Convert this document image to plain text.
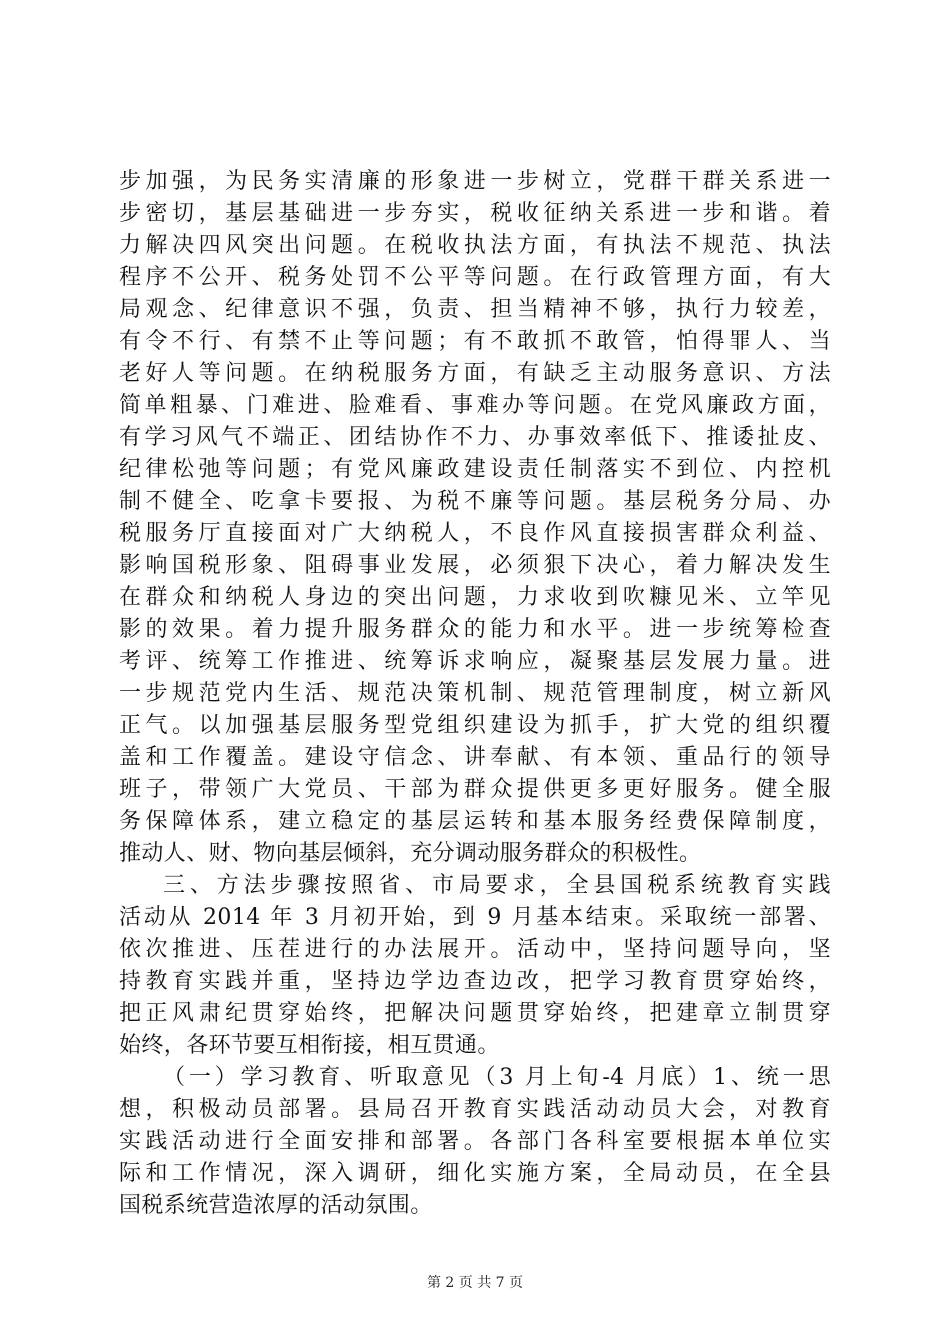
步加强，为民务实清廉的形象进一步树立，党群干群关系进一
步密切，基层基础进一步夯实，税收征纳关系进一步和谐。着
力解决四风突出问题。在税收执法方面，有执法不规范、执法
程序不公开、税务处罚不公平等问题。在行政管理方面，有大
局观念、纪律意识不强，负责、担当精神不够，执行力较差，
有令不行、有禁不止等问题；有不敢抓不敢管，怕得罪人、当
老好人等问题。在纳税服务方面，有缺乏主动服务意识、方法
简单粗暴、门难进、脸难看、事难办等问题。在党风廉政方面，
有学习风气不端正、团结协作不力、办事效率低下、推诿扯皮、
纪律松弛等问题；有党风廉政建设责任制落实不到位、内控机
制不健全、吃拿卡要报、为税不廉等问题。基层税务分局、办
税服务厅直接面对广大纳税人，不良作风直接损害群众利益、
影响国税形象、阻碍事业发展，必须狠下决心，着力解决发生
在群众和纳税人身边的突出问题，力求收到吹糠见米、立竿见
影的效果。着力提升服务群众的能力和水平。进一步统筹检查
考评、统筹工作推进、统筹诉求响应，凝聚基层发展力量。进
一步规范党内生活、规范决策机制、规范管理制度，树立新风
正气。以加强基层服务型党组织建设为抓手，扩大党的组织覆
盖和工作覆盖。建设守信念、讲奉献、有本领、重品行的领导
班子，带领广大党员、干部为群众提供更多更好服务。健全服
务保障体系，建立稳定的基层运转和基本服务经费保障制度，
推动人、财、物向基层倾斜，充分调动服务群众的积极性。
三、方法步骤按照省、市局要求，全县国税系统教育实践
活动从 2014 年 3 月初开始，到 9 月基本结束。采取统一部署、
依次推进、压茬进行的办法展开。活动中，坚持问题导向，坚
持教育实践并重，坚持边学边查边改，把学习教育贯穿始终，
把正风肃纪贯穿始终，把解决问题贯穿始终，把建章立制贯穿
始终，各环节要互相衔接，相互贯通。
（一）学习教育、听取意见（3 月上旬-4 月底）1、统一思
想，积极动员部署。县局召开教育实践活动动员大会，对教育
实践活动进行全面安排和部署。各部门各科室要根据本单位实
际和工作情况，深入调研，细化实施方案，全局动员，在全县
国税系统营造浓厚的活动氛围。
第 2 页 共 7 页
